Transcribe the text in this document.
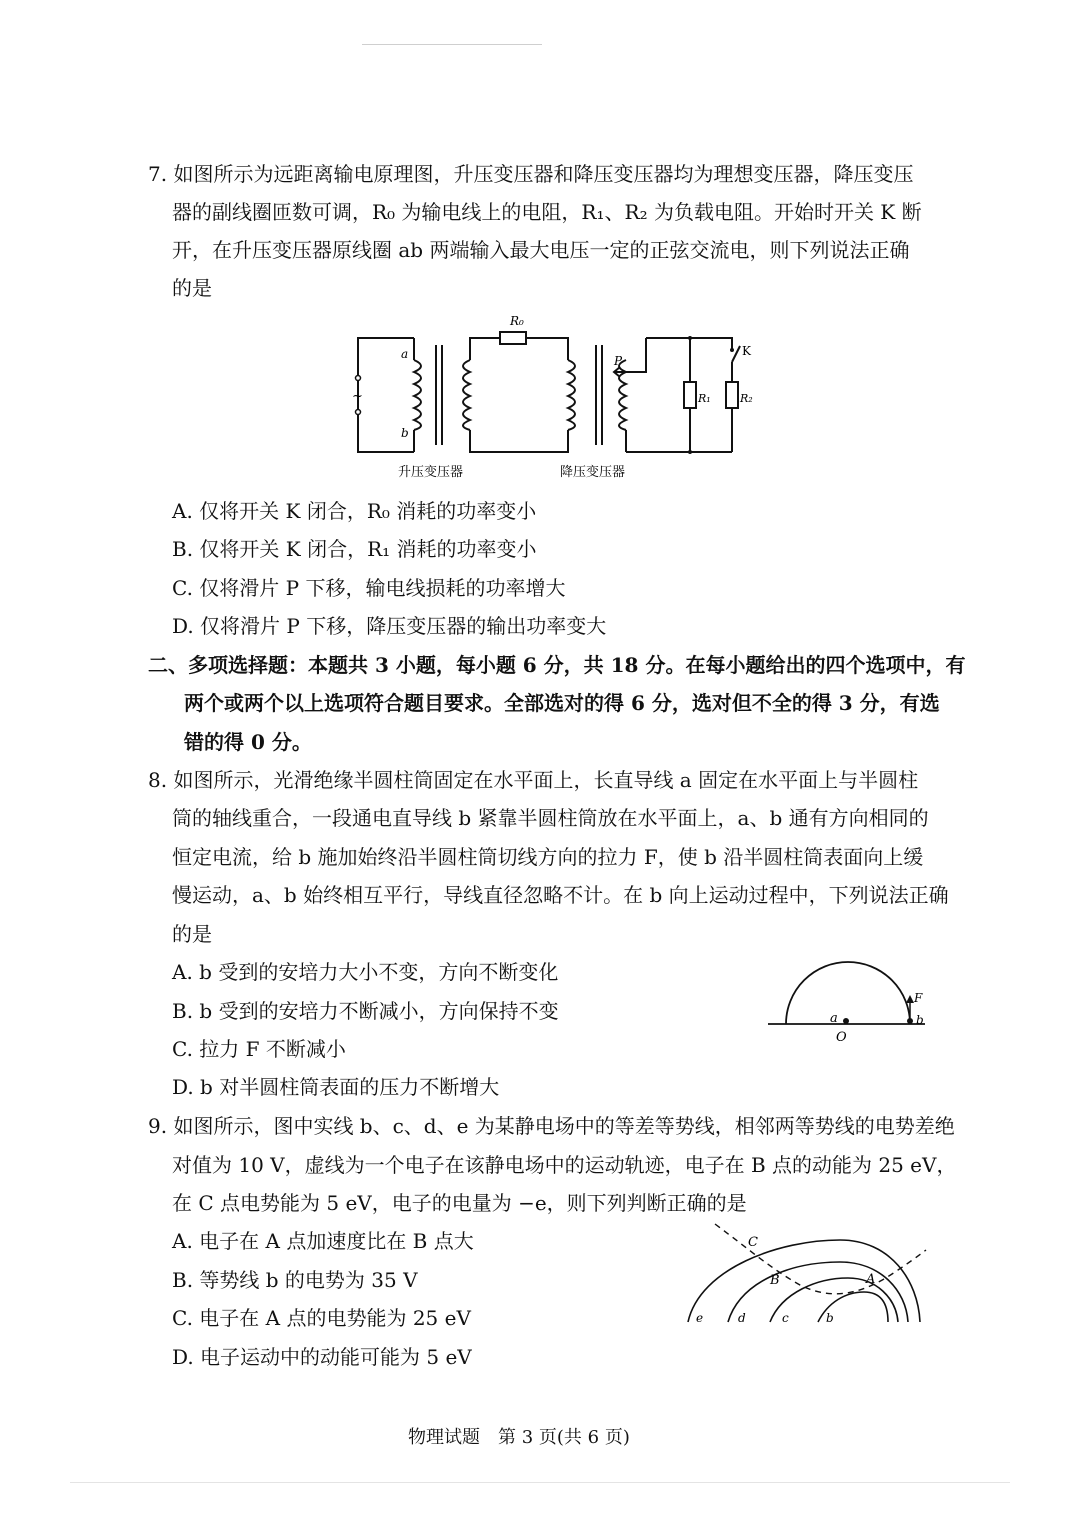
7. 如图所示为远距离输电原理图，升压变压器和降压变压器均为理想变压器，降压变压
器的副线圈匝数可调，R₀ 为输电线上的电阻，R₁、R₂ 为负载电阻。开始时开关 K 断
开，在升压变压器原线圈 ab 两端输入最大电压一定的正弦交流电，则下列说法正确
的是
R₀
~
a
b
P
K
R₁	R₂
升压变压器	降压变压器
A. 仅将开关 K 闭合，R₀ 消耗的功率变小
B. 仅将开关 K 闭合，R₁ 消耗的功率变小
C. 仅将滑片 P 下移，输电线损耗的功率增大
D. 仅将滑片 P 下移，降压变压器的输出功率变大
二、多项选择题：本题共 3 小题，每小题 6 分，共 18 分。在每小题给出的四个选项中，有
两个或两个以上选项符合题目要求。全部选对的得 6 分，选对但不全的得 3 分，有选
错的得 0 分。
8. 如图所示，光滑绝缘半圆柱筒固定在水平面上，长直导线 a 固定在水平面上与半圆柱
筒的轴线重合，一段通电直导线 b 紧靠半圆柱筒放在水平面上，a、b 通有方向相同的
恒定电流，给 b 施加始终沿半圆柱筒切线方向的拉力 F，使 b 沿半圆柱筒表面向上缓
慢运动，a、b 始终相互平行，导线直径忽略不计。在 b 向上运动过程中，下列说法正确
的是
A. b 受到的安培力大小不变，方向不断变化
B. b 受到的安培力不断减小，方向保持不变
C. 拉力 F 不断减小
D. b 对半圆柱筒表面的压力不断增大
a
O
F
b
9. 如图所示，图中实线 b、c、d、e 为某静电场中的等差等势线，相邻两等势线的电势差绝
对值为 10 V，虚线为一个电子在该静电场中的运动轨迹，电子在 B 点的动能为 25 eV，
在 C 点电势能为 5 eV，电子的电量为 −e，则下列判断正确的是
A. 电子在 A 点加速度比在 B 点大
B. 等势线 b 的电势为 35 V
C. 电子在 A 点的电势能为 25 eV
D. 电子运动中的动能可能为 5 eV
C
B	A
e	d	c	b
物理试题　第 3 页(共 6 页)
